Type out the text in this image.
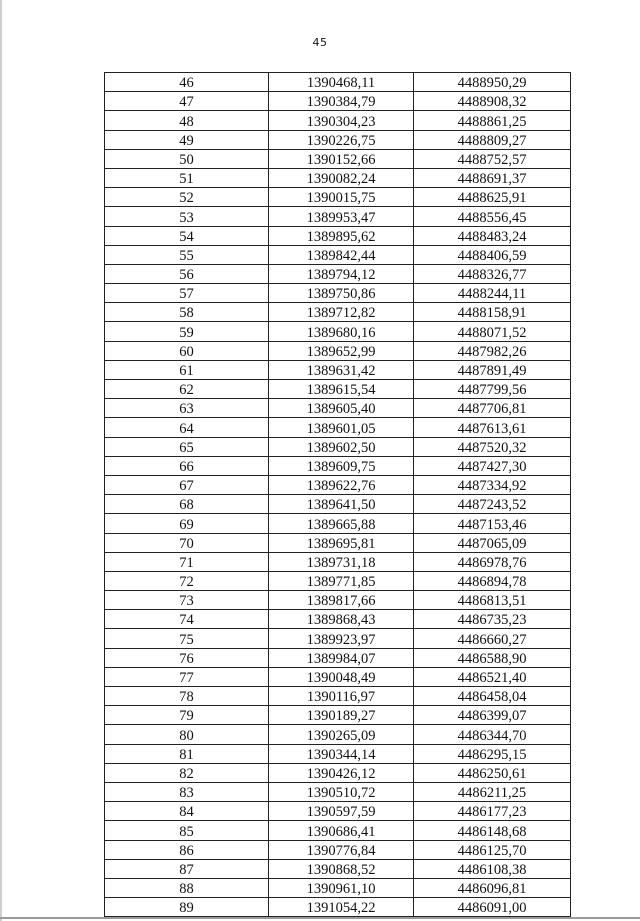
45
46	1390468,11	4488950,29
47	1390384,79	4488908,32
48	1390304,23	4488861,25
49	1390226,75	4488809,27
50	1390152,66	4488752,57
51	1390082,24	4488691,37
52	1390015,75	4488625,91
53	1389953,47	4488556,45
54	1389895,62	4488483,24
55	1389842,44	4488406,59
56	1389794,12	4488326,77
57	1389750,86	4488244,11
58	1389712,82	4488158,91
59	1389680,16	4488071,52
60	1389652,99	4487982,26
61	1389631,42	4487891,49
62	1389615,54	4487799,56
63	1389605,40	4487706,81
64	1389601,05	4487613,61
65	1389602,50	4487520,32
66	1389609,75	4487427,30
67	1389622,76	4487334,92
68	1389641,50	4487243,52
69	1389665,88	4487153,46
70	1389695,81	4487065,09
71	1389731,18	4486978,76
72	1389771,85	4486894,78
73	1389817,66	4486813,51
74	1389868,43	4486735,23
75	1389923,97	4486660,27
76	1389984,07	4486588,90
77	1390048,49	4486521,40
78	1390116,97	4486458,04
79	1390189,27	4486399,07
80	1390265,09	4486344,70
81	1390344,14	4486295,15
82	1390426,12	4486250,61
83	1390510,72	4486211,25
84	1390597,59	4486177,23
85	1390686,41	4486148,68
86	1390776,84	4486125,70
87	1390868,52	4486108,38
88	1390961,10	4486096,81
89	1391054,22	4486091,00
